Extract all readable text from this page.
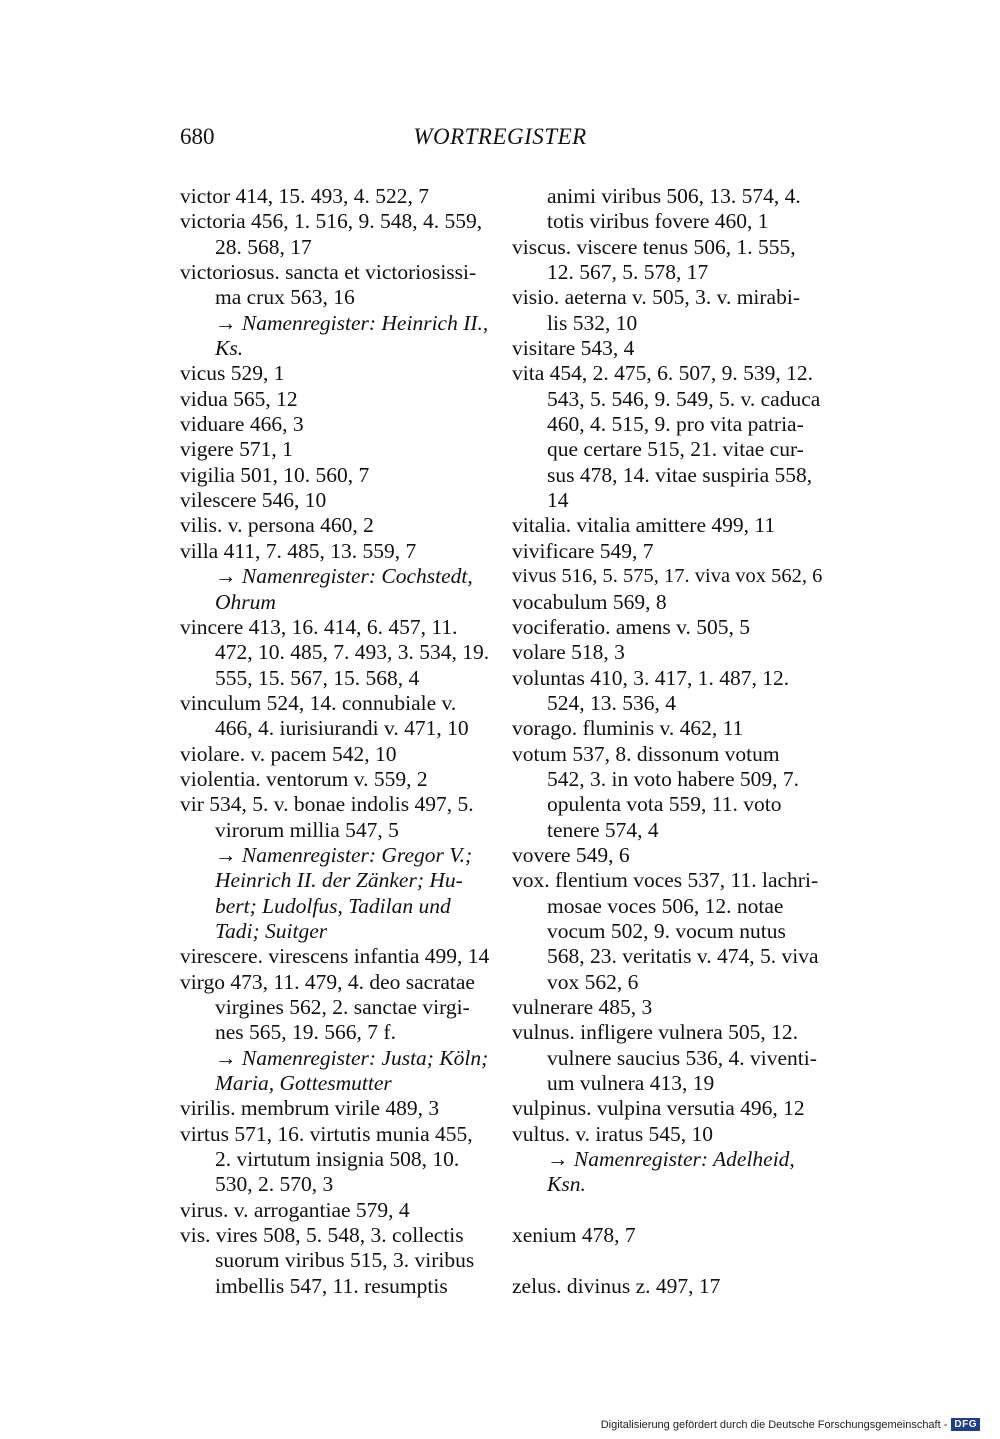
680	WORTREGISTER
victor 414, 15. 493, 4. 522, 7
victoria 456, 1. 516, 9. 548, 4. 559,
28. 568, 17
victoriosus. sancta et victoriosissi-
ma crux 563, 16
→ Namenregister: Heinrich II.,
Ks.
vicus 529, 1
vidua 565, 12
viduare 466, 3
vigere 571, 1
vigilia 501, 10. 560, 7
vilescere 546, 10
vilis. v. persona 460, 2
villa 411, 7. 485, 13. 559, 7
→ Namenregister: Cochstedt,
Ohrum
vincere 413, 16. 414, 6. 457, 11.
472, 10. 485, 7. 493, 3. 534, 19.
555, 15. 567, 15. 568, 4
vinculum 524, 14. connubiale v.
466, 4. iurisiurandi v. 471, 10
violare. v. pacem 542, 10
violentia. ventorum v. 559, 2
vir 534, 5. v. bonae indolis 497, 5.
virorum millia 547, 5
→ Namenregister: Gregor V.;
Heinrich II. der Zänker; Hu-
bert; Ludolfus, Tadilan und
Tadi; Suitger
virescere. virescens infantia 499, 14
virgo 473, 11. 479, 4. deo sacratae
virgines 562, 2. sanctae virgi-
nes 565, 19. 566, 7 f.
→ Namenregister: Justa; Köln;
Maria, Gottesmutter
virilis. membrum virile 489, 3
virtus 571, 16. virtutis munia 455,
2. virtutum insignia 508, 10.
530, 2. 570, 3
virus. v. arrogantiae 579, 4
vis. vires 508, 5. 548, 3. collectis
suorum viribus 515, 3. viribus
imbellis 547, 11. resumptis
animi viribus 506, 13. 574, 4.
totis viribus fovere 460, 1
viscus. viscere tenus 506, 1. 555,
12. 567, 5. 578, 17
visio. aeterna v. 505, 3. v. mirabi-
lis 532, 10
visitare 543, 4
vita 454, 2. 475, 6. 507, 9. 539, 12.
543, 5. 546, 9. 549, 5. v. caduca
460, 4. 515, 9. pro vita patria-
que certare 515, 21. vitae cur-
sus 478, 14. vitae suspiria 558,
14
vitalia. vitalia amittere 499, 11
vivificare 549, 7
vivus 516, 5. 575, 17. viva vox 562, 6
vocabulum 569, 8
vociferatio. amens v. 505, 5
volare 518, 3
voluntas 410, 3. 417, 1. 487, 12.
524, 13. 536, 4
vorago. fluminis v. 462, 11
votum 537, 8. dissonum votum
542, 3. in voto habere 509, 7.
opulenta vota 559, 11. voto
tenere 574, 4
vovere 549, 6
vox. flentium voces 537, 11. lachri-
mosae voces 506, 12. notae
vocum 502, 9. vocum nutus
568, 23. veritatis v. 474, 5. viva
vox 562, 6
vulnerare 485, 3
vulnus. infligere vulnera 505, 12.
vulnere saucius 536, 4. viventi-
um vulnera 413, 19
vulpinus. vulpina versutia 496, 12
vultus. v. iratus 545, 10
→ Namenregister: Adelheid,
Ksn.
xenium 478, 7
zelus. divinus z. 497, 17
Digitalisierung gefördert durch die Deutsche Forschungsgemeinschaft - DFG
